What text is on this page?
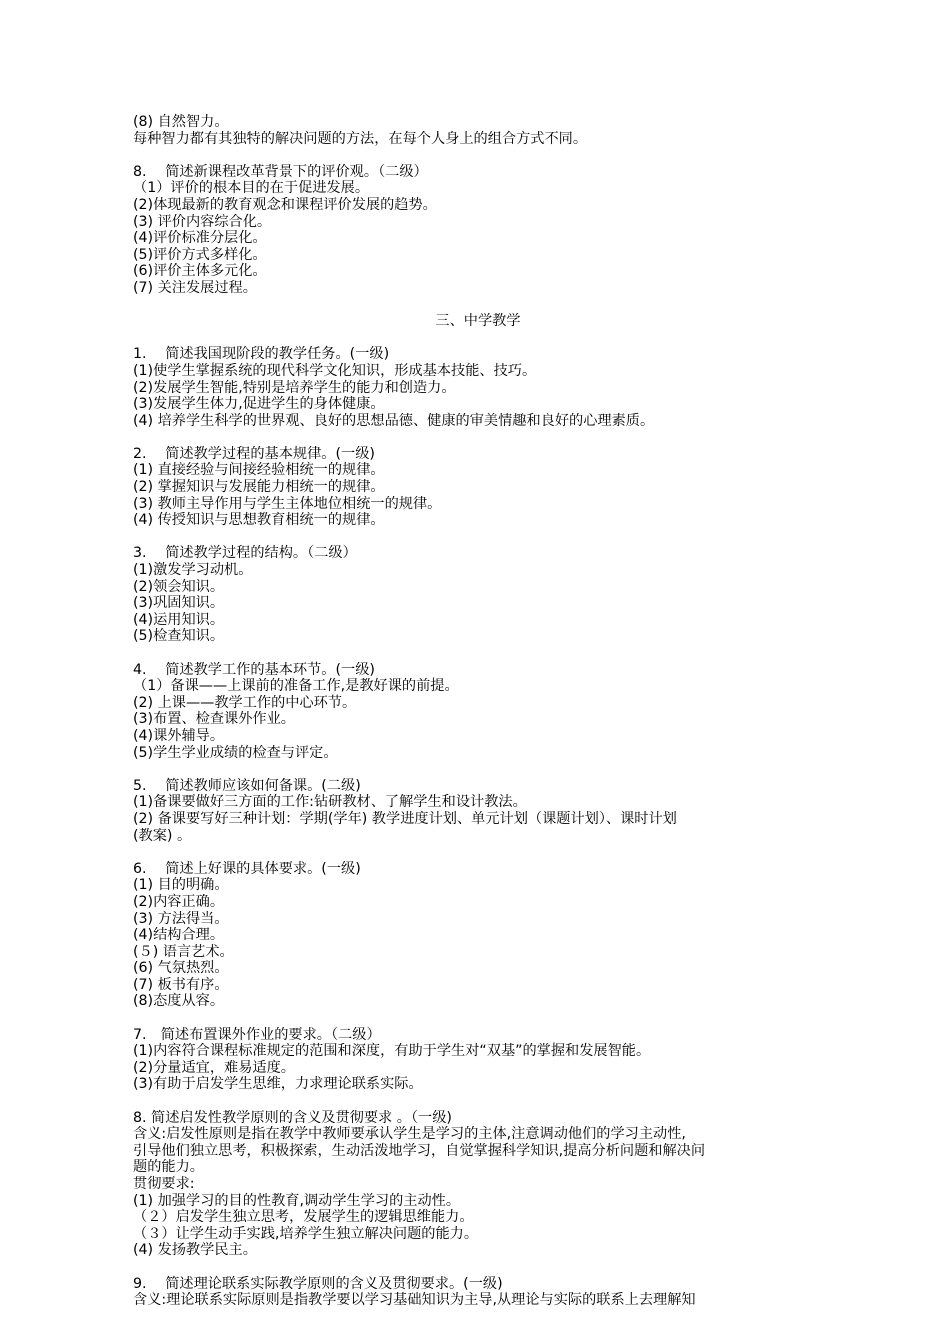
(8) 自然智力。
每种智力都有其独特的解决问题的方法，在每个人身上的组合方式不同。
8.　 简述新课程改革背景下的评价观。（二级）
（1）评价的根本目的在于促进发展。
(2)体现最新的教育观念和课程评价发展的趋势。
(3) 评价内容综合化。
(4)评价标准分层化。
(5)评价方式多样化。
(6)评价主体多元化。
(7) 关注发展过程。
三、中学教学
1.　 简述我国现阶段的教学任务。(一级)
(1)使学生掌握系统的现代科学文化知识，形成基本技能、技巧。
(2)发展学生智能,特别是培养学生的能力和创造力。
(3)发展学生体力,促进学生的身体健康。
(4) 培养学生科学的世界观、良好的思想品德、健康的审美情趣和良好的心理素质。
2.　 简述教学过程的基本规律。(一级)
(1) 直接经验与间接经验相统一的规律。
(2) 掌握知识与发展能力相统一的规律。
(3) 教师主导作用与学生主体地位相统一的规律。
(4) 传授知识与思想教育相统一的规律。
3.　 简述教学过程的结构。（二级）
(1)激发学习动机。
(2)领会知识。
(3)巩固知识。
(4)运用知识。
(5)检查知识。
4.　 简述教学工作的基本环节。(一级)
（1）备课——上课前的准备工作,是教好课的前提。
(2) 上课——教学工作的中心环节。
(3)布置、检查课外作业。
(4)课外辅导。
(5)学生学业成绩的检查与评定。
5.　 简述教师应该如何备课。(二级)
(1)备课要做好三方面的工作:钻研教材、了解学生和设计教法。
(2) 备课要写好三种计划：学期(学年) 教学进度计划、单元计划（课题计划）、课时计划
(教案) 。
6.　 简述上好课的具体要求。(一级)
(1) 目的明确。
(2)内容正确。
(3) 方法得当。
(4)结构合理。
(５) 语言艺术。
(6) 气氛热烈。
(7) 板书有序。
(8)态度从容。
7.　简述布置课外作业的要求。（二级）
(1)内容符合课程标准规定的范围和深度，有助于学生对“双基”的掌握和发展智能。
(2)分量适宜，难易适度。
(3)有助于启发学生思维，力求理论联系实际。
8. 简述启发性教学原则的含义及贯彻要求 。（一级)
含义:启发性原则是指在教学中教师要承认学生是学习的主体,注意调动他们的学习主动性,
引导他们独立思考，积极探索，生动活泼地学习，自觉掌握科学知识,提高分析问题和解决问
题的能力。
贯彻要求:
(1) 加强学习的目的性教育,调动学生学习的主动性。
（２）启发学生独立思考，发展学生的逻辑思维能力。
（３）让学生动手实践,培养学生独立解决问题的能力。
(4) 发扬教学民主。
9.　 简述理论联系实际教学原则的含义及贯彻要求。(一级)
含义:理论联系实际原则是指教学要以学习基础知识为主导,从理论与实际的联系上去理解知
